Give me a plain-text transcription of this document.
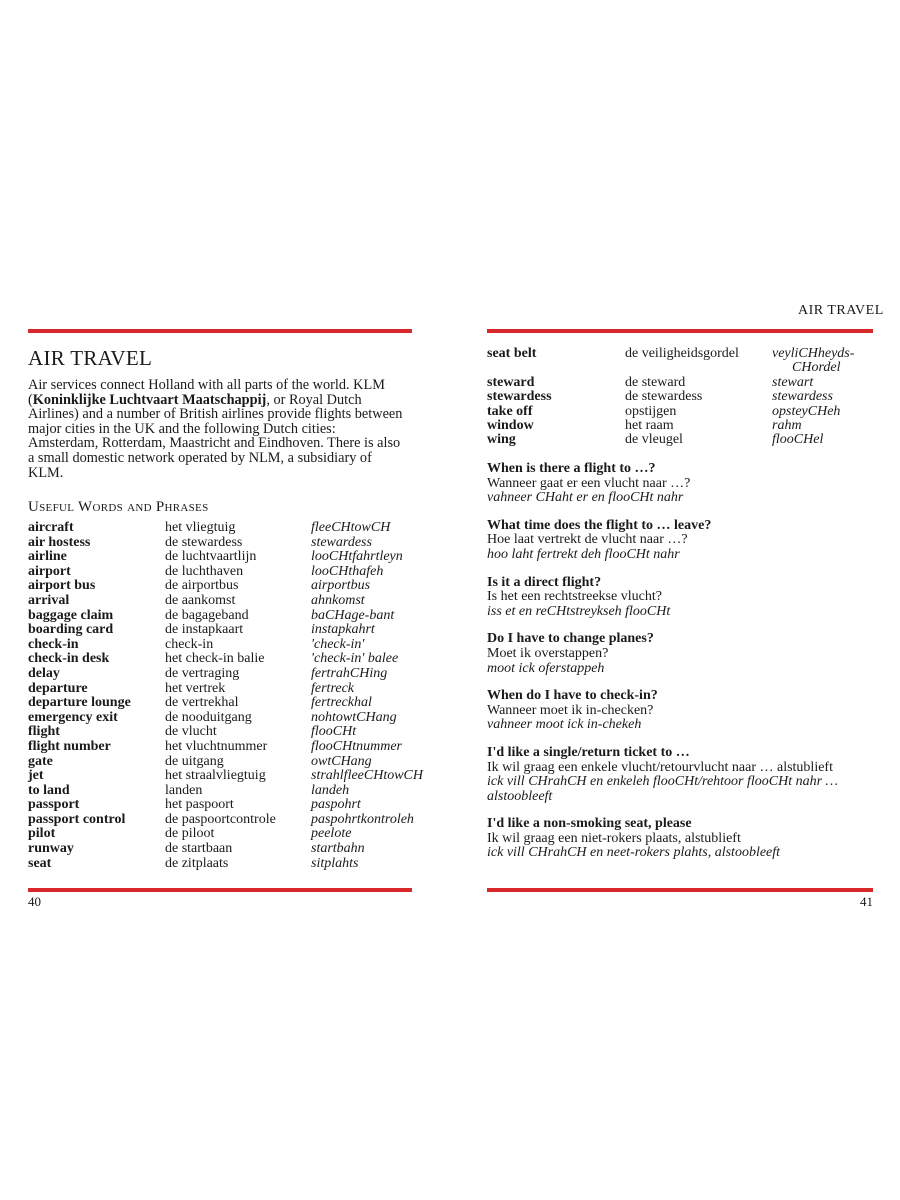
AIR TRAVEL
Air services connect Holland with all parts of the world. KLM (Koninklijke Luchtvaart Maatschappij, or Royal Dutch Airlines) and a number of British airlines provide flights between major cities in the UK and the following Dutch cities: Amsterdam, Rotterdam, Maastricht and Eindhoven. There is also a small domestic network operated by NLM, a subsidiary of KLM.
Useful Words and Phrases
aircraft	het vliegtuig	fleeCHtowCH
air hostess	de stewardess	stewardess
airline	de luchtvaartlijn	looCHtfahrtleyn
airport	de luchthaven	looCHthafeh
airport bus	de airportbus	airportbus
arrival	de aankomst	ahnkomst
baggage claim	de bagageband	baCHage-bant
boarding card	de instapkaart	instapkahrt
check-in	check-in	'check-in'
check-in desk	het check-in balie	'check-in' balee
delay	de vertraging	fertrahCHing
departure	het vertrek	fertreck
departure lounge	de vertrekhal	fertreckhal
emergency exit	de nooduitgang	nohtowtCHang
flight	de vlucht	flooCHt
flight number	het vluchtnummer	flooCHtnummer
gate	de uitgang	owtCHang
jet	het straalvliegtuig	strahlfleeCHtowCH
to land	landen	landeh
passport	het paspoort	paspohrt
passport control	de paspoortcontrole	paspohrtkontroleh
pilot	de piloot	peelote
runway	de startbaan	startbahn
seat	de zitplaats	sitplahts
40
AIR TRAVEL
seat belt	de veiligheidsgordel	veyliCHheyds-
CHordel

steward	de steward	stewart
stewardess	de stewardess	stewardess
take off	opstijgen	opsteyCHeh
window	het raam	rahm
wing	de vleugel	flooCHel
When is there a flight to …?
Wanneer gaat er een vlucht naar …?
vahneer CHaht er en flooCHt nahr
What time does the flight to … leave?
Hoe laat vertrekt de vlucht naar …?
hoo laht fertrekt deh flooCHt nahr
Is it a direct flight?
Is het een rechtstreekse vlucht?
iss et en reCHtstreykseh flooCHt
Do I have to change planes?
Moet ik overstappen?
moot ick oferstappeh
When do I have to check-in?
Wanneer moet ik in-checken?
vahneer moot ick in-chekeh
I'd like a single/return ticket to …
Ik wil graag een enkele vlucht/retourvlucht naar … alstublieft
ick vill CHrahCH en enkeleh flooCHt/rehtoor flooCHt nahr … alstoobleeft
I'd like a non-smoking seat, please
Ik wil graag een niet-rokers plaats, alstublieft
ick vill CHrahCH en neet-rokers plahts, alstoobleeft
41
